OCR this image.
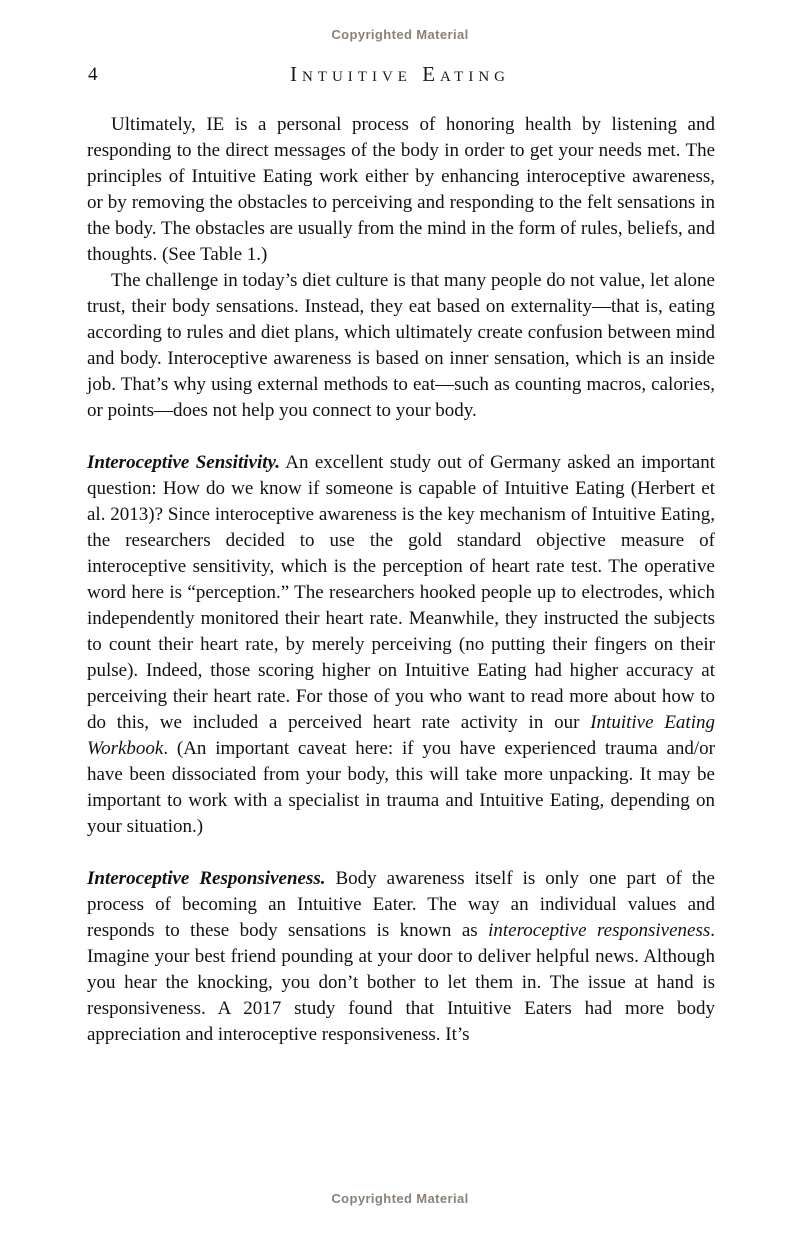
Copyrighted Material
4	Intuitive Eating

Ultimately, IE is a personal process of honoring health by listening and responding to the direct messages of the body in order to get your needs met. The principles of Intuitive Eating work either by enhancing interoceptive awareness, or by removing the obstacles to perceiving and responding to the felt sensations in the body. The obstacles are usually from the mind in the form of rules, beliefs, and thoughts. (See Table 1.)

The challenge in today’s diet culture is that many people do not value, let alone trust, their body sensations. Instead, they eat based on externality—that is, eating according to rules and diet plans, which ultimately create confusion between mind and body. Interoceptive awareness is based on inner sensation, which is an inside job. That’s why using external methods to eat—such as counting macros, calories, or points—does not help you connect to your body.

Interoceptive Sensitivity. An excellent study out of Germany asked an important question: How do we know if someone is capable of Intuitive Eating (Herbert et al. 2013)? Since interoceptive awareness is the key mechanism of Intuitive Eating, the researchers decided to use the gold standard objective measure of interoceptive sensitivity, which is the perception of heart rate test. The operative word here is “perception.” The researchers hooked people up to electrodes, which independently monitored their heart rate. Meanwhile, they instructed the subjects to count their heart rate, by merely perceiving (no putting their fingers on their pulse). Indeed, those scoring higher on Intuitive Eating had higher accuracy at perceiving their heart rate. For those of you who want to read more about how to do this, we included a perceived heart rate activity in our Intuitive Eating Workbook. (An important caveat here: if you have experienced trauma and/or have been dissociated from your body, this will take more unpacking. It may be important to work with a specialist in trauma and Intuitive Eating, depending on your situation.)

Interoceptive Responsiveness. Body awareness itself is only one part of the process of becoming an Intuitive Eater. The way an individual values and responds to these body sensations is known as interoceptive responsiveness. Imagine your best friend pounding at your door to deliver helpful news. Although you hear the knocking, you don’t bother to let them in. The issue at hand is responsiveness. A 2017 study found that Intuitive Eaters had more body appreciation and interoceptive responsiveness. It’s

Copyrighted Material
